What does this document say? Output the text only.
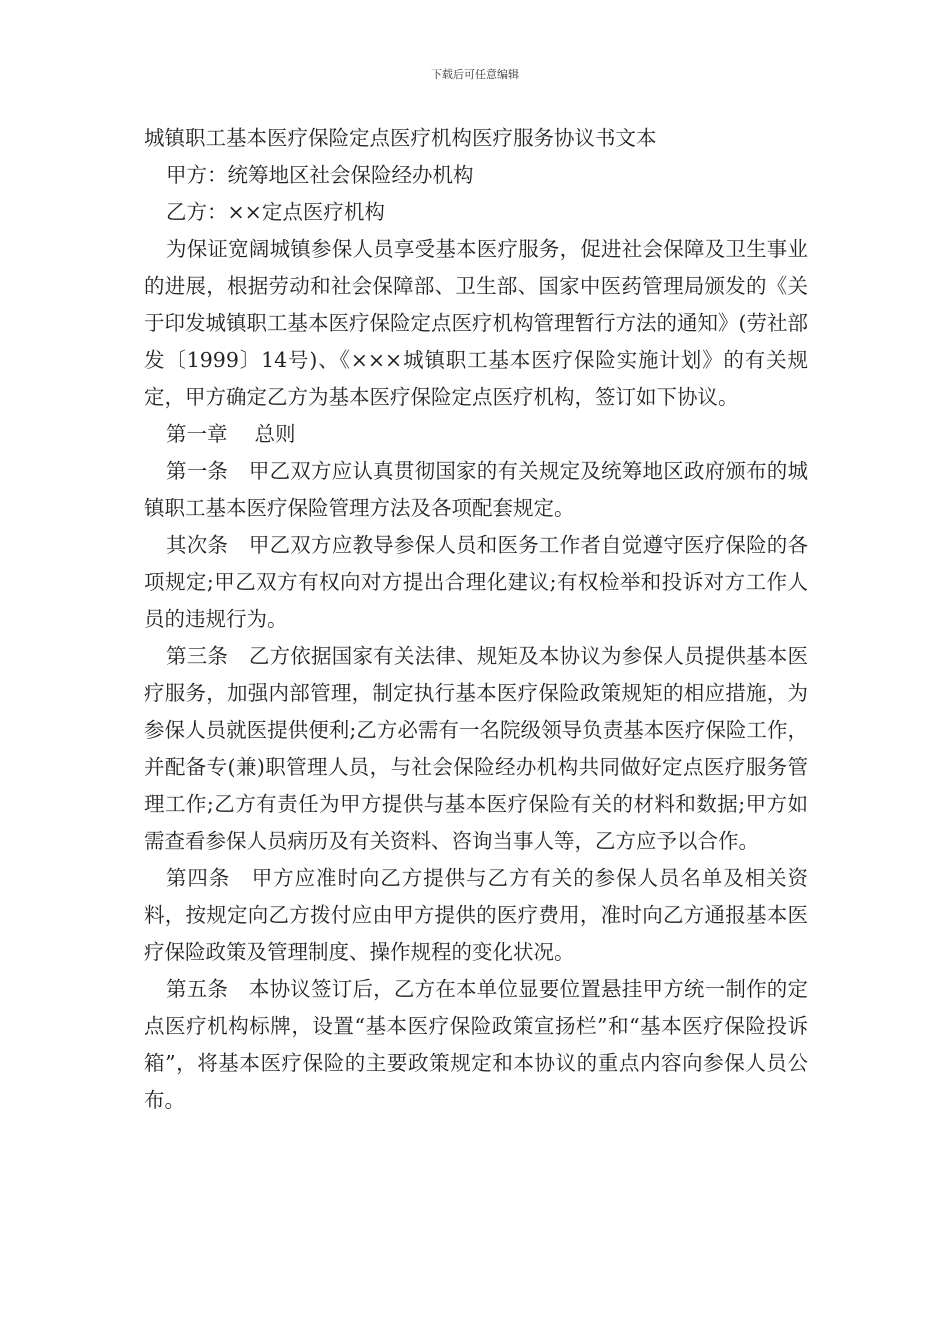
下载后可任意编辑

城镇职工基本医疗保险定点医疗机构医疗服务协议书文本

甲方：统筹地区社会保险经办机构

乙方：××定点医疗机构

为保证宽阔城镇参保人员享受基本医疗服务，促进社会保障及卫生事业的进展，根据劳动和社会保障部、卫生部、国家中医药管理局颁发的《关于印发城镇职工基本医疗保险定点医疗机构管理暂行方法的通知》(劳社部发〔1999〕14号)、《×××城镇职工基本医疗保险实施计划》的有关规定，甲方确定乙方为基本医疗保险定点医疗机构，签订如下协议。

第一章　 总则

第一条　甲乙双方应认真贯彻国家的有关规定及统筹地区政府颁布的城镇职工基本医疗保险管理方法及各项配套规定。

其次条　甲乙双方应教导参保人员和医务工作者自觉遵守医疗保险的各项规定;甲乙双方有权向对方提出合理化建议;有权检举和投诉对方工作人员的违规行为。

第三条　乙方依据国家有关法律、规矩及本协议为参保人员提供基本医疗服务，加强内部管理，制定执行基本医疗保险政策规矩的相应措施，为参保人员就医提供便利;乙方必需有一名院级领导负责基本医疗保险工作，并配备专(兼)职管理人员，与社会保险经办机构共同做好定点医疗服务管理工作;乙方有责任为甲方提供与基本医疗保险有关的材料和数据;甲方如需查看参保人员病历及有关资料、咨询当事人等，乙方应予以合作。

第四条　甲方应准时向乙方提供与乙方有关的参保人员名单及相关资料，按规定向乙方拨付应由甲方提供的医疗费用，准时向乙方通报基本医疗保险政策及管理制度、操作规程的变化状况。

第五条　本协议签订后，乙方在本单位显要位置悬挂甲方统一制作的定点医疗机构标牌，设置“基本医疗保险政策宣扬栏”和“基本医疗保险投诉箱”，将基本医疗保险的主要政策规定和本协议的重点内容向参保人员公布。
